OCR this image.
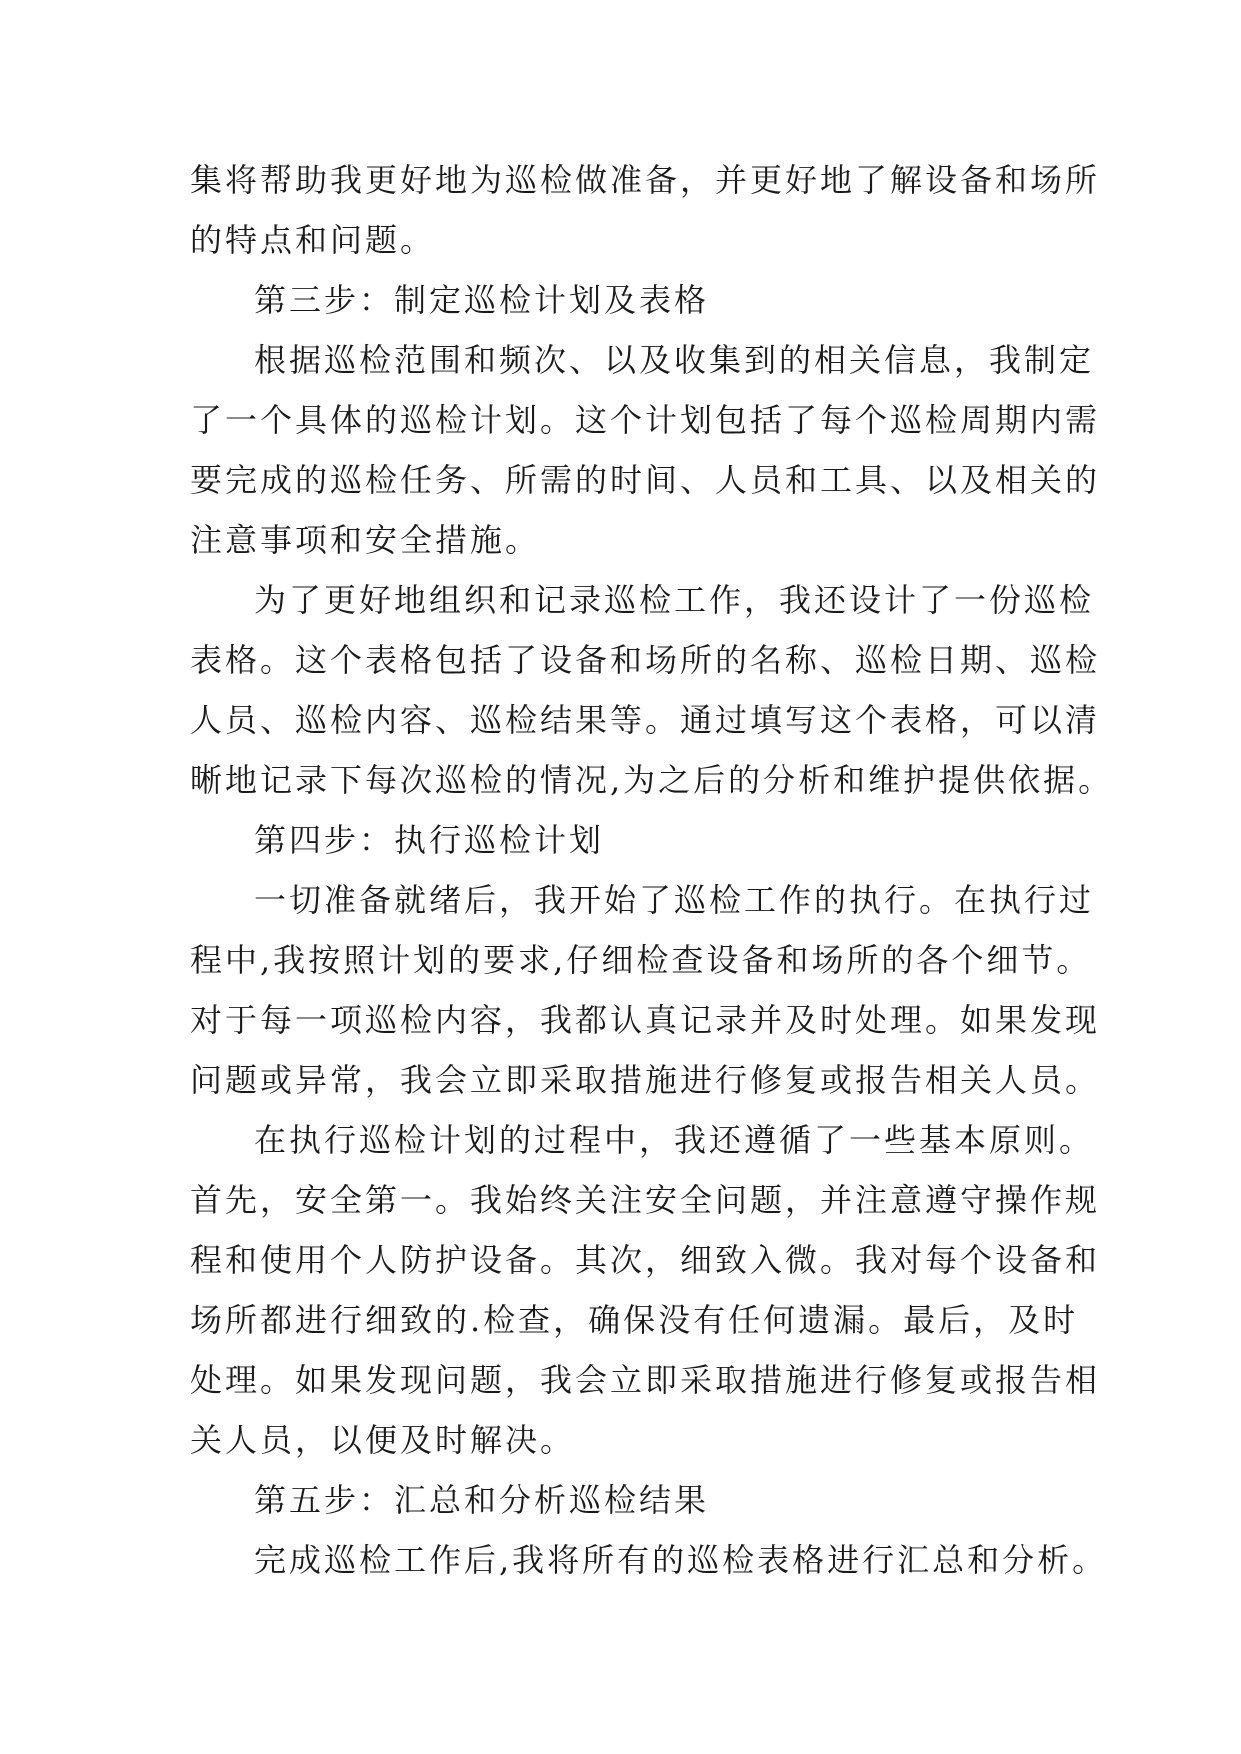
集将帮助我更好地为巡检做准备，并更好地了解设备和场所
的特点和问题。
第三步：制定巡检计划及表格
根据巡检范围和频次、以及收集到的相关信息，我制定
了一个具体的巡检计划。这个计划包括了每个巡检周期内需
要完成的巡检任务、所需的时间、人员和工具、以及相关的
注意事项和安全措施。
为了更好地组织和记录巡检工作，我还设计了一份巡检
表格。这个表格包括了设备和场所的名称、巡检日期、巡检
人员、巡检内容、巡检结果等。通过填写这个表格，可以清
晰地记录下每次巡检的情况,为之后的分析和维护提供依据。
第四步：执行巡检计划
一切准备就绪后，我开始了巡检工作的执行。在执行过
程中,我按照计划的要求,仔细检查设备和场所的各个细节。
对于每一项巡检内容，我都认真记录并及时处理。如果发现
问题或异常，我会立即采取措施进行修复或报告相关人员。
在执行巡检计划的过程中，我还遵循了一些基本原则。
首先，安全第一。我始终关注安全问题，并注意遵守操作规
程和使用个人防护设备。其次，细致入微。我对每个设备和
场所都进行细致的.检查，确保没有任何遗漏。最后，及时
处理。如果发现问题，我会立即采取措施进行修复或报告相
关人员，以便及时解决。
第五步：汇总和分析巡检结果
完成巡检工作后,我将所有的巡检表格进行汇总和分析。
